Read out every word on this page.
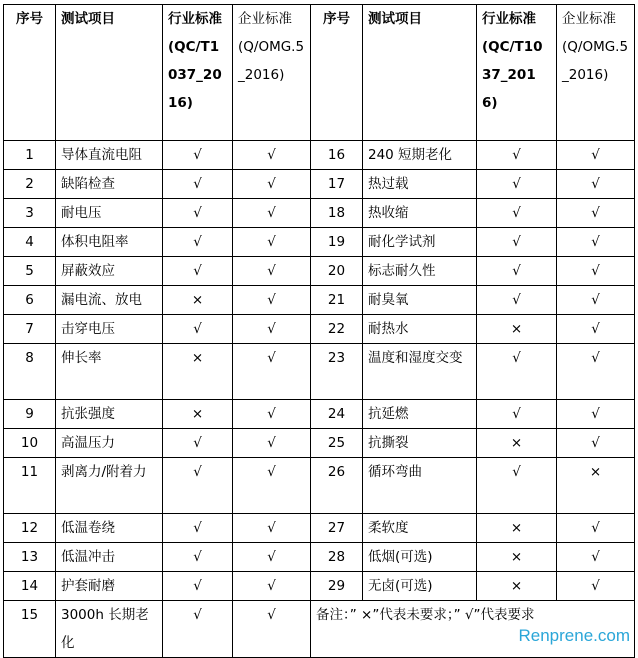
序号	测试项目	行业标准(QC/T1037_2016)	企业标准(Q/OMG.5_2016)	序号	测试项目	行业标准(QC/T1037_2016)	企业标准(Q/OMG.5_2016)
1	导体直流电阻	√	√	16	240 短期老化	√	√
2	缺陷检查	√	√	17	热过载	√	√
3	耐电压	√	√	18	热收缩	√	√
4	体积电阻率	√	√	19	耐化学试剂	√	√
5	屏蔽效应	√	√	20	标志耐久性	√	√
6	漏电流、放电	×	√	21	耐臭氧	√	√
7	击穿电压	√	√	22	耐热水	×	√
8	伸长率	×	√	23	温度和湿度交变	√	√
9	抗张强度	×	√	24	抗延燃	√	√
10	高温压力	√	√	25	抗撕裂	×	√
11	剥离力/附着力	√	√	26	循环弯曲	√	×
12	低温卷绕	√	√	27	柔软度	×	√
13	低温冲击	√	√	28	低烟(可选)	×	√
14	护套耐磨	√	√	29	无卤(可选)	×	√
15	3000h 长期老化	√	√	备注：” ×”代表未要求；” √”代表要求			
Renprene.com
